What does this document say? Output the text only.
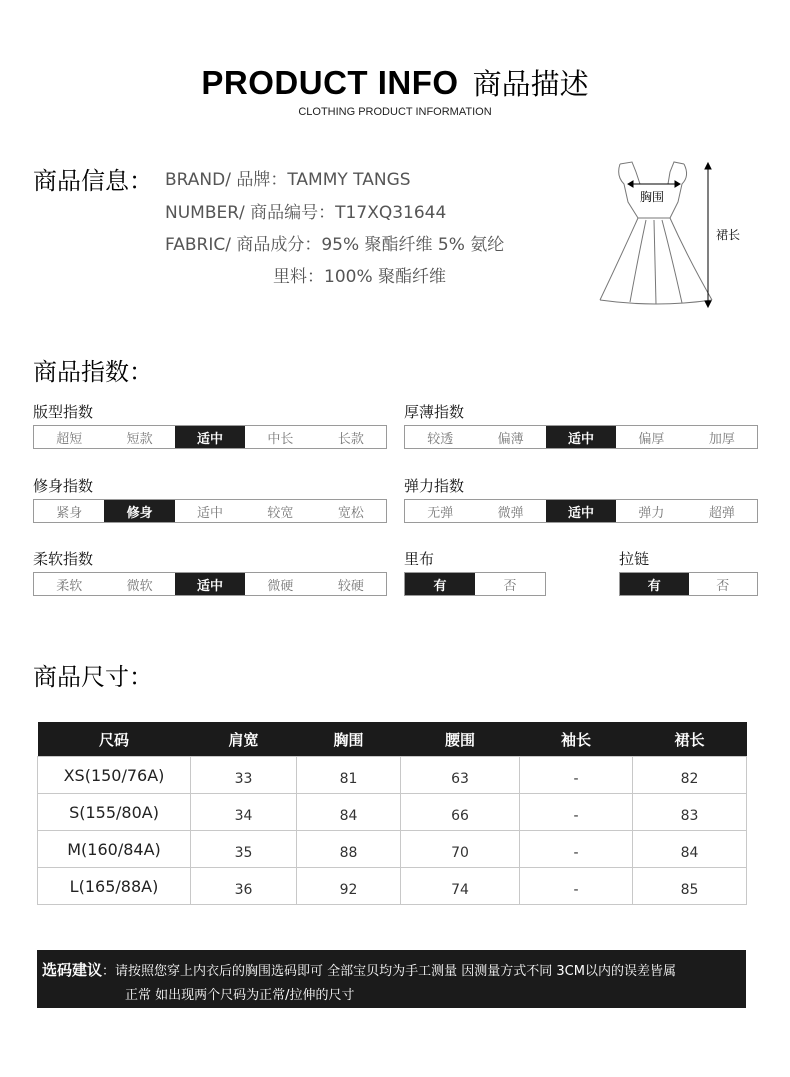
PRODUCT INFO 商品描述
CLOTHING PRODUCT INFORMATION
商品信息： BRAND/ 品牌：TAMMY TANGS
NUMBER/ 商品编号：T17XQ31644
FABRIC/ 商品成分：95% 聚酯纤维 5% 氨纶
里料：100% 聚酯纤维
胸围
裙长
商品指数：
版型指数
超短	短款	适中	中长	长款
厚薄指数
较透	偏薄	适中	偏厚	加厚
修身指数
紧身	修身	适中	较宽	宽松
弹力指数
无弹	微弹	适中	弹力	超弹
柔软指数
柔软	微软	适中	微硬	较硬
里布
有	否
拉链
有	否
商品尺寸：
尺码	肩宽	胸围	腰围	袖长	裙长
XS(150/76A)	33	81	63	-	82
S(155/80A)	34	84	66	-	83
M(160/84A)	35	88	70	-	84
L(165/88A)	36	92	74	-	85
选码建议：请按照您穿上内衣后的胸围选码即可 全部宝贝均为手工测量 因测量方式不同 3CM以内的误差皆属
正常 如出现两个尺码为正常/拉伸的尺寸
